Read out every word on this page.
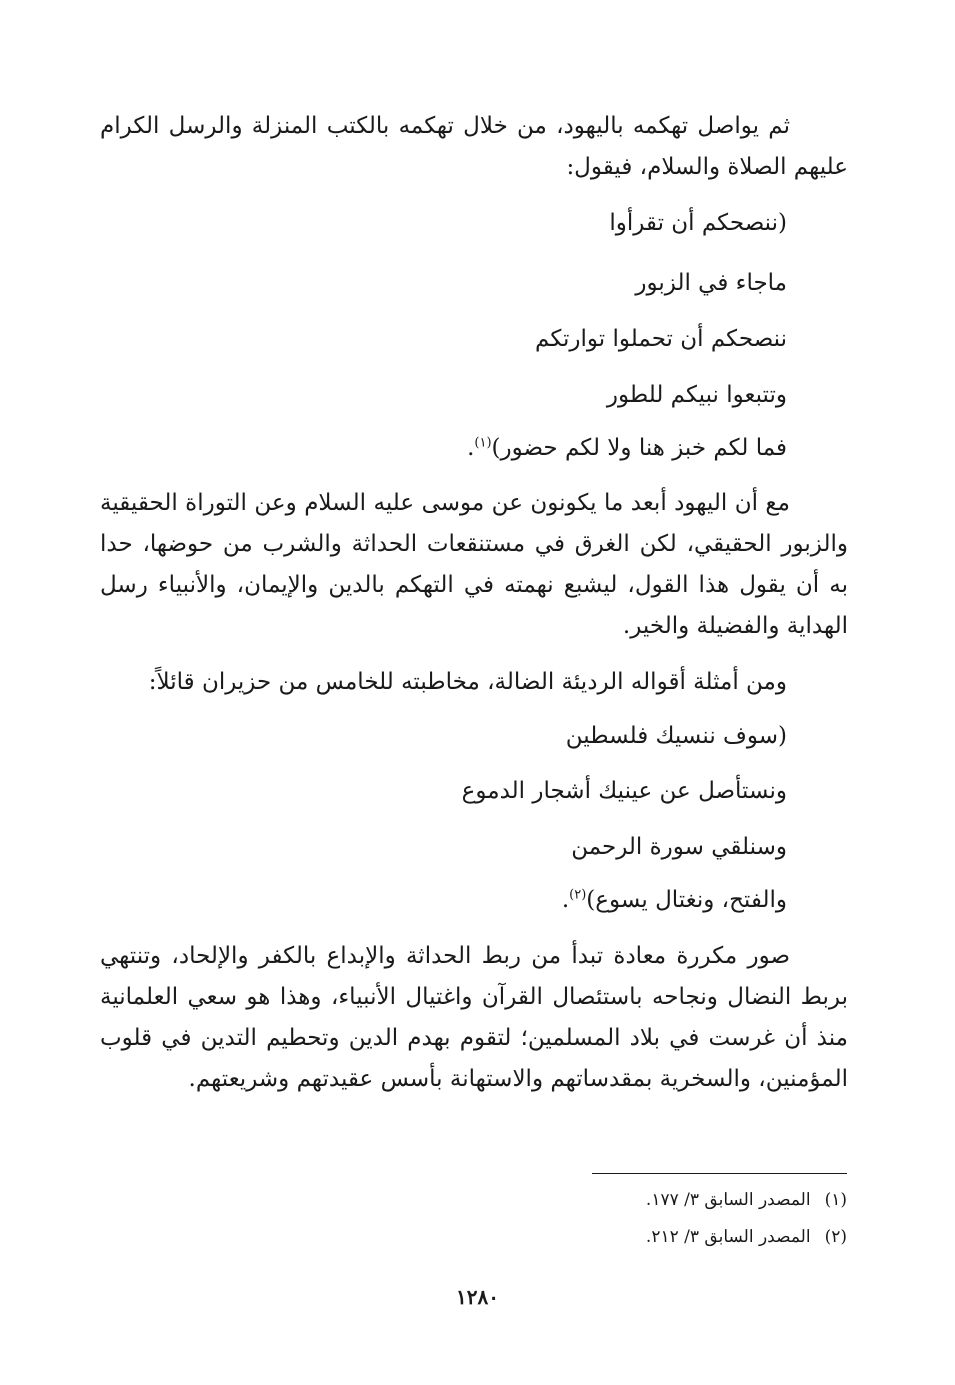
ثم يواصل تهكمه باليهود، من خلال تهكمه بالكتب المنزلة والرسل الكرام عليهم الصلاة والسلام، فيقول:

(ننصحكم أن تقرأوا

ماجاء في الزبور

ننصحكم أن تحملوا توارتكم

وتتبعوا نبيكم للطور

فما لكم خبز هنا ولا لكم حضور)$^{(١)}$.

مع أن اليهود أبعد ما يكونون عن موسى عليه السلام وعن التوراة الحقيقية والزبور الحقيقي، لكن الغرق في مستنقعات الحداثة والشرب من حوضها، حدا به أن يقول هذا القول، ليشبع نهمته في التهكم بالدين والإيمان، والأنبياء رسل الهداية والفضيلة والخير.

ومن أمثلة أقواله الرديئة الضالة، مخاطبته للخامس من حزيران قائلاً:

(سوف ننسيك فلسطين

ونستأصل عن عينيك أشجار الدموع

وسنلقي سورة الرحمن

والفتح، ونغتال يسوع)$^{(٢)}$.

صور مكررة معادة تبدأ من ربط الحداثة والإبداع بالكفر والإلحاد، وتنتهي بربط النضال ونجاحه باستئصال القرآن واغتيال الأنبياء، وهذا هو سعي العلمانية منذ أن غرست في بلاد المسلمين؛ لتقوم بهدم الدين وتحطيم التدين في قلوب المؤمنين، والسخرية بمقدساتهم والاستهانة بأسس عقيدتهم وشريعتهم.

(١)المصدر السابق ٣/ ١٧٧.
(٢)المصدر السابق ٣/ ٢١٢.
١٢٨٠
